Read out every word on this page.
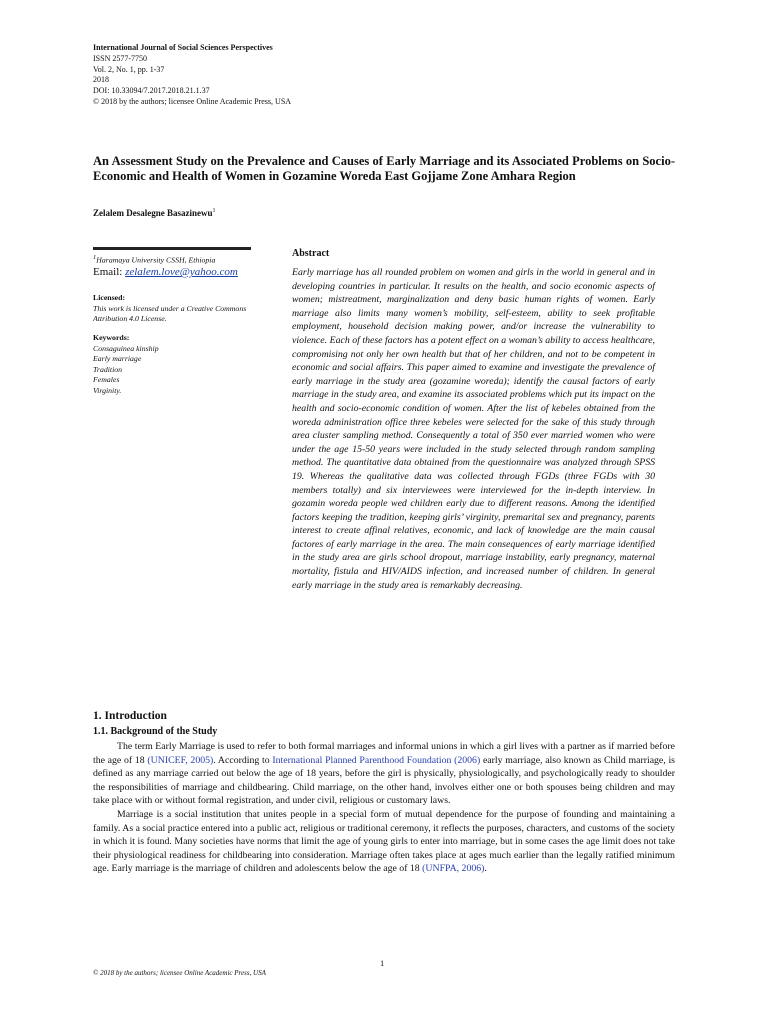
International Journal of Social Sciences Perspectives
ISSN 2577-7750
Vol. 2, No. 1, pp. 1-37
2018
DOI: 10.33094/7.2017.2018.21.1.37
© 2018 by the authors; licensee Online Academic Press, USA
An Assessment Study on the Prevalence and Causes of Early Marriage and its Associated Problems on Socio-Economic and Health of Women in Gozamine Woreda East Gojjame Zone Amhara Region
Zelalem Desalegne Basazinewu$^1$
$^1$Haramaya University CSSH, Ethiopia
Email: zelalem.love@yahoo.com
Licensed:
This work is licensed under a Creative Commons Attribution 4.0 License.
Keywords:
Consaguinea kinship
Early marriage
Tradition
Females
Virginity.
Abstract
Early marriage has all rounded problem on women and girls in the world in general and in developing countries in particular. It results on the health, and socio economic aspects of women; mistreatment, marginalization and deny basic human rights of women. Early marriage also limits many women’s mobility, self-esteem, ability to seek profitable employment, household decision making power, and/or increase the vulnerability to violence. Each of these factors has a potent effect on a woman’s ability to access healthcare, compromising not only her own health but that of her children, and not to be competent in economic and social affairs. This paper aimed to examine and investigate the prevalence of early marriage in the study area (gozamine woreda); identify the causal factors of early marriage in the study area, and examine its associated problems which put its impact on the health and socio-economic condition of women. After the list of kebeles obtained from the woreda administration office three kebeles were selected for the sake of this study through area cluster sampling method. Consequently a total of 350 ever married women who were under the age 15-50 years were included in the study selected through random sampling method. The quantitative data obtained from the questionnaire was analyzed through SPSS 19. Whereas the qualitative data was collected through FGDs (three FGDs with 30 members totally) and six interviewees were interviewed for the in-depth interview. In gozamin woreda people wed children early due to different reasons. Among the identified factors keeping the tradition, keeping girls’ virginity, premarital sex and pregnancy, parents interest to create affinal relatives, economic, and lack of knowledge are the main causal factores of early marriage in the area. The main consequences of early marriage identified in the study area are girls school dropout, marriage instability, early pregnancy, maternal mortality, fistula and HIV/AIDS infection, and increased number of children. In general early marriage in the study area is remarkably decreasing.
1. Introduction
1.1. Background of the Study

The term Early Marriage is used to refer to both formal marriages and informal unions in which a girl lives with a partner as if married before the age of 18 (UNICEF, 2005). According to International Planned Parenthood Foundation (2006) early marriage, also known as Child marriage, is defined as any marriage carried out below the age of 18 years, before the girl is physically, physiologically, and psychologically ready to shoulder the responsibilities of marriage and childbearing. Child marriage, on the other hand, involves either one or both spouses being children and may take place with or without formal registration, and under civil, religious or customary laws.

Marriage is a social institution that unites people in a special form of mutual dependence for the purpose of founding and maintaining a family. As a social practice entered into a public act, religious or traditional ceremony, it reflects the purposes, characters, and customs of the society in which it is found. Many societies have norms that limit the age of young girls to enter into marriage, but in some cases the age limit does not take their physiological readiness for childbearing into consideration. Marriage often takes place at ages much earlier than the legally ratified minimum age. Early marriage is the marriage of children and adolescents below the age of 18 (UNFPA, 2006).

1
© 2018 by the authors; licensee Online Academic Press, USA
